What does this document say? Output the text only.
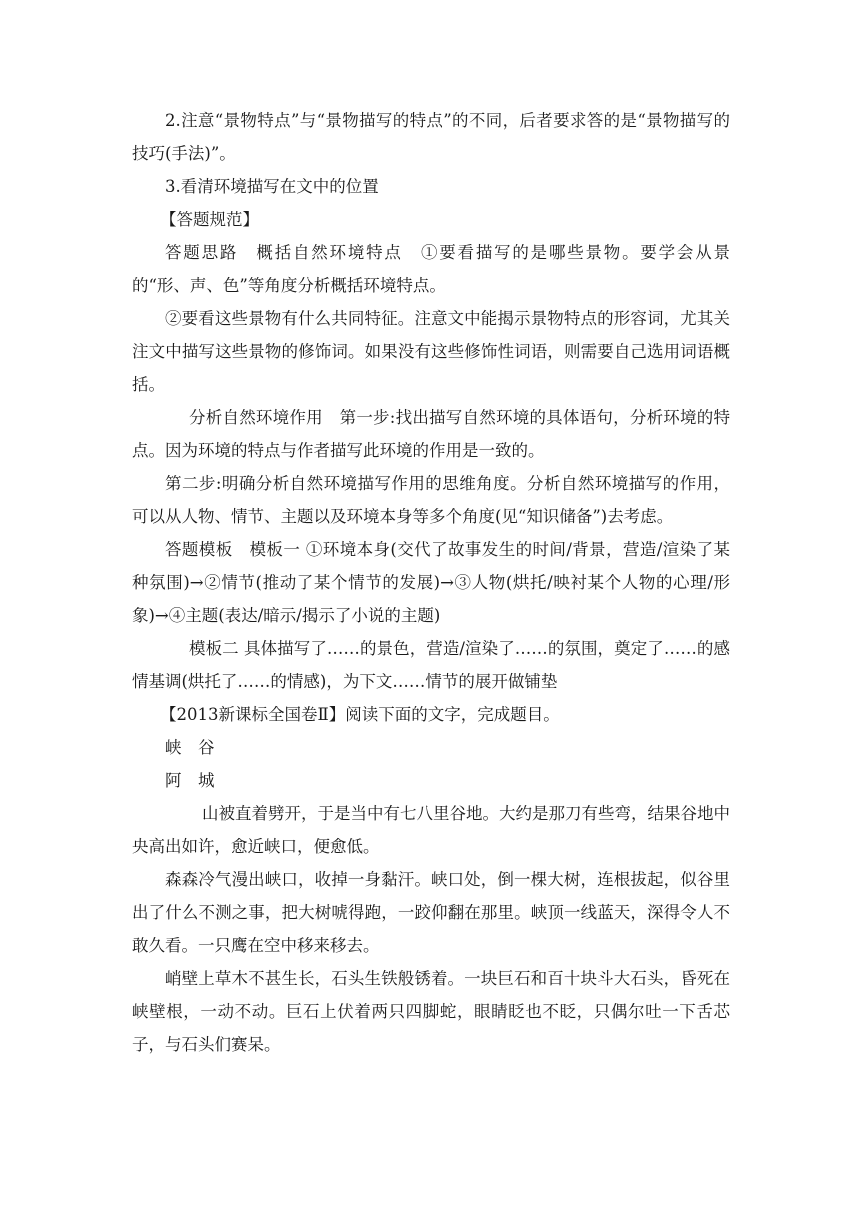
2.注意“景物特点”与“景物描写的特点”的不同，后者要求答的是“景物描写的技巧(手法)”。

3.看清环境描写在文中的位置

【答题规范】

答题思路　概括自然环境特点　①要看描写的是哪些景物。要学会从景的“形、声、色”等角度分析概括环境特点。

②要看这些景物有什么共同特征。注意文中能揭示景物特点的形容词，尤其关注文中描写这些景物的修饰词。如果没有这些修饰性词语，则需要自己选用词语概括。

分析自然环境作用　第一步:找出描写自然环境的具体语句，分析环境的特点。因为环境的特点与作者描写此环境的作用是一致的。

第二步:明确分析自然环境描写作用的思维角度。分析自然环境描写的作用，可以从人物、情节、主题以及环境本身等多个角度(见“知识储备”)去考虑。

答题模板　模板一 ①环境本身(交代了故事发生的时间/背景，营造/渲染了某种氛围)→②情节(推动了某个情节的发展)→③人物(烘托/映衬某个人物的心理/形象)→④主题(表达/暗示/揭示了小说的主题)

模板二 具体描写了……的景色，营造/渲染了……的氛围，奠定了……的感情基调(烘托了……的情感)，为下文……情节的展开做铺垫

【2013新课标全国卷Ⅱ】阅读下面的文字，完成题目。

峡　谷

阿　城

山被直着劈开，于是当中有七八里谷地。大约是那刀有些弯，结果谷地中央高出如许，愈近峡口，便愈低。

森森冷气漫出峡口，收掉一身黏汗。峡口处，倒一棵大树，连根拔起，似谷里出了什么不测之事，把大树唬得跑，一跤仰翻在那里。峡顶一线蓝天，深得令人不敢久看。一只鹰在空中移来移去。

峭壁上草木不甚生长，石头生铁般锈着。一块巨石和百十块斗大石头，昏死在峡壁根，一动不动。巨石上伏着两只四脚蛇，眼睛眨也不眨，只偶尔吐一下舌芯子，与石头们赛呆。
